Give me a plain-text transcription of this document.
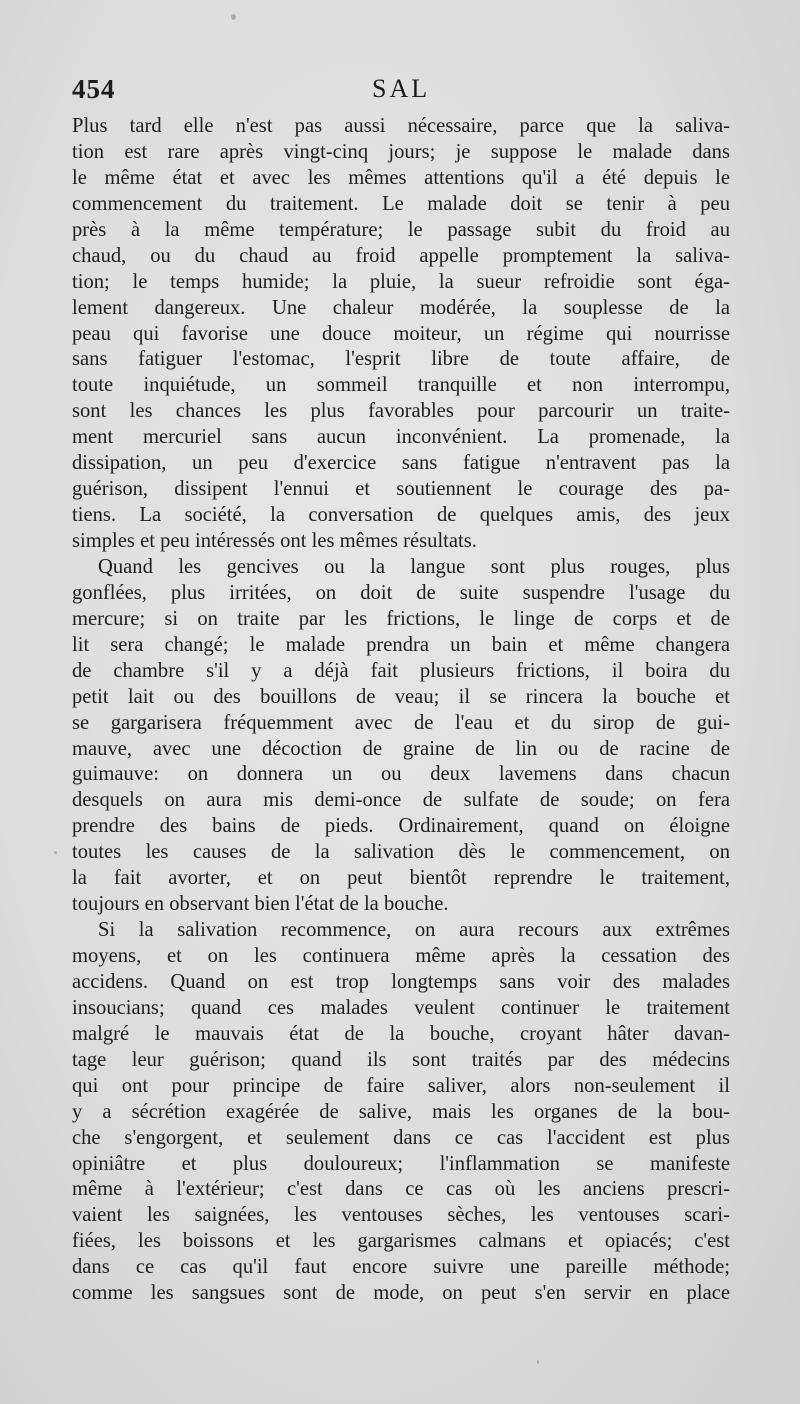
454	SAL
Plus tard elle n'est pas aussi nécessaire, parce que la saliva-
tion est rare après vingt-cinq jours; je suppose le malade dans
le même état et avec les mêmes attentions qu'il a été depuis le
commencement du traitement. Le malade doit se tenir à peu
près à la même température; le passage subit du froid au
chaud, ou du chaud au froid appelle promptement la saliva-
tion; le temps humide; la pluie, la sueur refroidie sont éga-
lement dangereux. Une chaleur modérée, la souplesse de la
peau qui favorise une douce moiteur, un régime qui nourrisse
sans fatiguer l'estomac, l'esprit libre de toute affaire, de
toute inquiétude, un sommeil tranquille et non interrompu,
sont les chances les plus favorables pour parcourir un traite-
ment mercuriel sans aucun inconvénient. La promenade, la
dissipation, un peu d'exercice sans fatigue n'entravent pas la
guérison, dissipent l'ennui et soutiennent le courage des pa-
tiens. La société, la conversation de quelques amis, des jeux
simples et peu intéressés ont les mêmes résultats.
Quand les gencives ou la langue sont plus rouges, plus
gonflées, plus irritées, on doit de suite suspendre l'usage du
mercure; si on traite par les frictions, le linge de corps et de
lit sera changé; le malade prendra un bain et même changera
de chambre s'il y a déjà fait plusieurs frictions, il boira du
petit lait ou des bouillons de veau; il se rincera la bouche et
se gargarisera fréquemment avec de l'eau et du sirop de gui-
mauve, avec une décoction de graine de lin ou de racine de
guimauve: on donnera un ou deux lavemens dans chacun
desquels on aura mis demi-once de sulfate de soude; on fera
prendre des bains de pieds. Ordinairement, quand on éloigne
toutes les causes de la salivation dès le commencement, on
la fait avorter, et on peut bientôt reprendre le traitement,
toujours en observant bien l'état de la bouche.
Si la salivation recommence, on aura recours aux extrêmes
moyens, et on les continuera même après la cessation des
accidens. Quand on est trop longtemps sans voir des malades
insoucians; quand ces malades veulent continuer le traitement
malgré le mauvais état de la bouche, croyant hâter davan-
tage leur guérison; quand ils sont traités par des médecins
qui ont pour principe de faire saliver, alors non-seulement il
y a sécrétion exagérée de salive, mais les organes de la bou-
che s'engorgent, et seulement dans ce cas l'accident est plus
opiniâtre et plus douloureux; l'inflammation se manifeste
même à l'extérieur; c'est dans ce cas où les anciens prescri-
vaient les saignées, les ventouses sèches, les ventouses scari-
fiées, les boissons et les gargarismes calmans et opiacés; c'est
dans ce cas qu'il faut encore suivre une pareille méthode;
comme les sangsues sont de mode, on peut s'en servir en place
